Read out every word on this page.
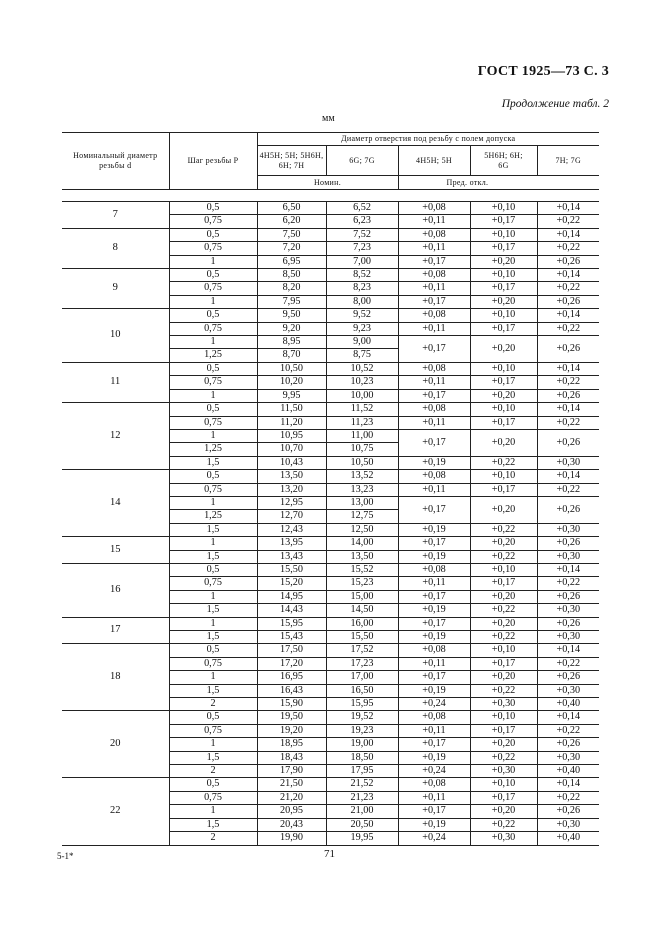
ГОСТ 1925—73 С. 3
Продолжение табл. 2
мм
Номинальный диаметр резьбы d	Шаг резьбы P	Диаметр отверстия под резьбу с полем допуска				
		4H5H; 5H; 5H6H, 6H; 7H	6G; 7G	4H5H; 5H	5H6H; 6H; 6G	7H; 7G
		Номин.		Пред. откл.		

7	0,5	6,50	6,52	+0,08	+0,10	+0,14
	0,75	6,20	6,23	+0,11	+0,17	+0,22
8	0,5	7,50	7,52	+0,08	+0,10	+0,14
	0,75	7,20	7,23	+0,11	+0,17	+0,22
	1	6,95	7,00	+0,17	+0,20	+0,26
9	0,5	8,50	8,52	+0,08	+0,10	+0,14
	0,75	8,20	8,23	+0,11	+0,17	+0,22
	1	7,95	8,00	+0,17	+0,20	+0,26
10	0,5	9,50	9,52	+0,08	+0,10	+0,14
	0,75	9,20	9,23	+0,11	+0,17	+0,22
	1	8,95	9,00	+0,17	+0,20	+0,26
	1,25	8,70	8,75			
11	0,5	10,50	10,52	+0,08	+0,10	+0,14
	0,75	10,20	10,23	+0,11	+0,17	+0,22
	1	9,95	10,00	+0,17	+0,20	+0,26
12	0,5	11,50	11,52	+0,08	+0,10	+0,14
	0,75	11,20	11,23	+0,11	+0,17	+0,22
	1	10,95	11,00	+0,17	+0,20	+0,26
	1,25	10,70	10,75			
	1,5	10,43	10,50	+0,19	+0,22	+0,30
14	0,5	13,50	13,52	+0,08	+0,10	+0,14
	0,75	13,20	13,23	+0,11	+0,17	+0,22
	1	12,95	13,00	+0,17	+0,20	+0,26
	1,25	12,70	12,75			
	1,5	12,43	12,50	+0,19	+0,22	+0,30
15	1	13,95	14,00	+0,17	+0,20	+0,26
	1,5	13,43	13,50	+0,19	+0,22	+0,30
16	0,5	15,50	15,52	+0,08	+0,10	+0,14
	0,75	15,20	15,23	+0,11	+0,17	+0,22
	1	14,95	15,00	+0,17	+0,20	+0,26
	1,5	14,43	14,50	+0,19	+0,22	+0,30
17	1	15,95	16,00	+0,17	+0,20	+0,26
	1,5	15,43	15,50	+0,19	+0,22	+0,30
18	0,5	17,50	17,52	+0,08	+0,10	+0,14
	0,75	17,20	17,23	+0,11	+0,17	+0,22
	1	16,95	17,00	+0,17	+0,20	+0,26
	1,5	16,43	16,50	+0,19	+0,22	+0,30
	2	15,90	15,95	+0,24	+0,30	+0,40
20	0,5	19,50	19,52	+0,08	+0,10	+0,14
	0,75	19,20	19,23	+0,11	+0,17	+0,22
	1	18,95	19,00	+0,17	+0,20	+0,26
	1,5	18,43	18,50	+0,19	+0,22	+0,30
	2	17,90	17,95	+0,24	+0,30	+0,40
22	0,5	21,50	21,52	+0,08	+0,10	+0,14
	0,75	21,20	21,23	+0,11	+0,17	+0,22
	1	20,95	21,00	+0,17	+0,20	+0,26
	1,5	20,43	20,50	+0,19	+0,22	+0,30
	2	19,90	19,95	+0,24	+0,30	+0,40
5-1*	71
